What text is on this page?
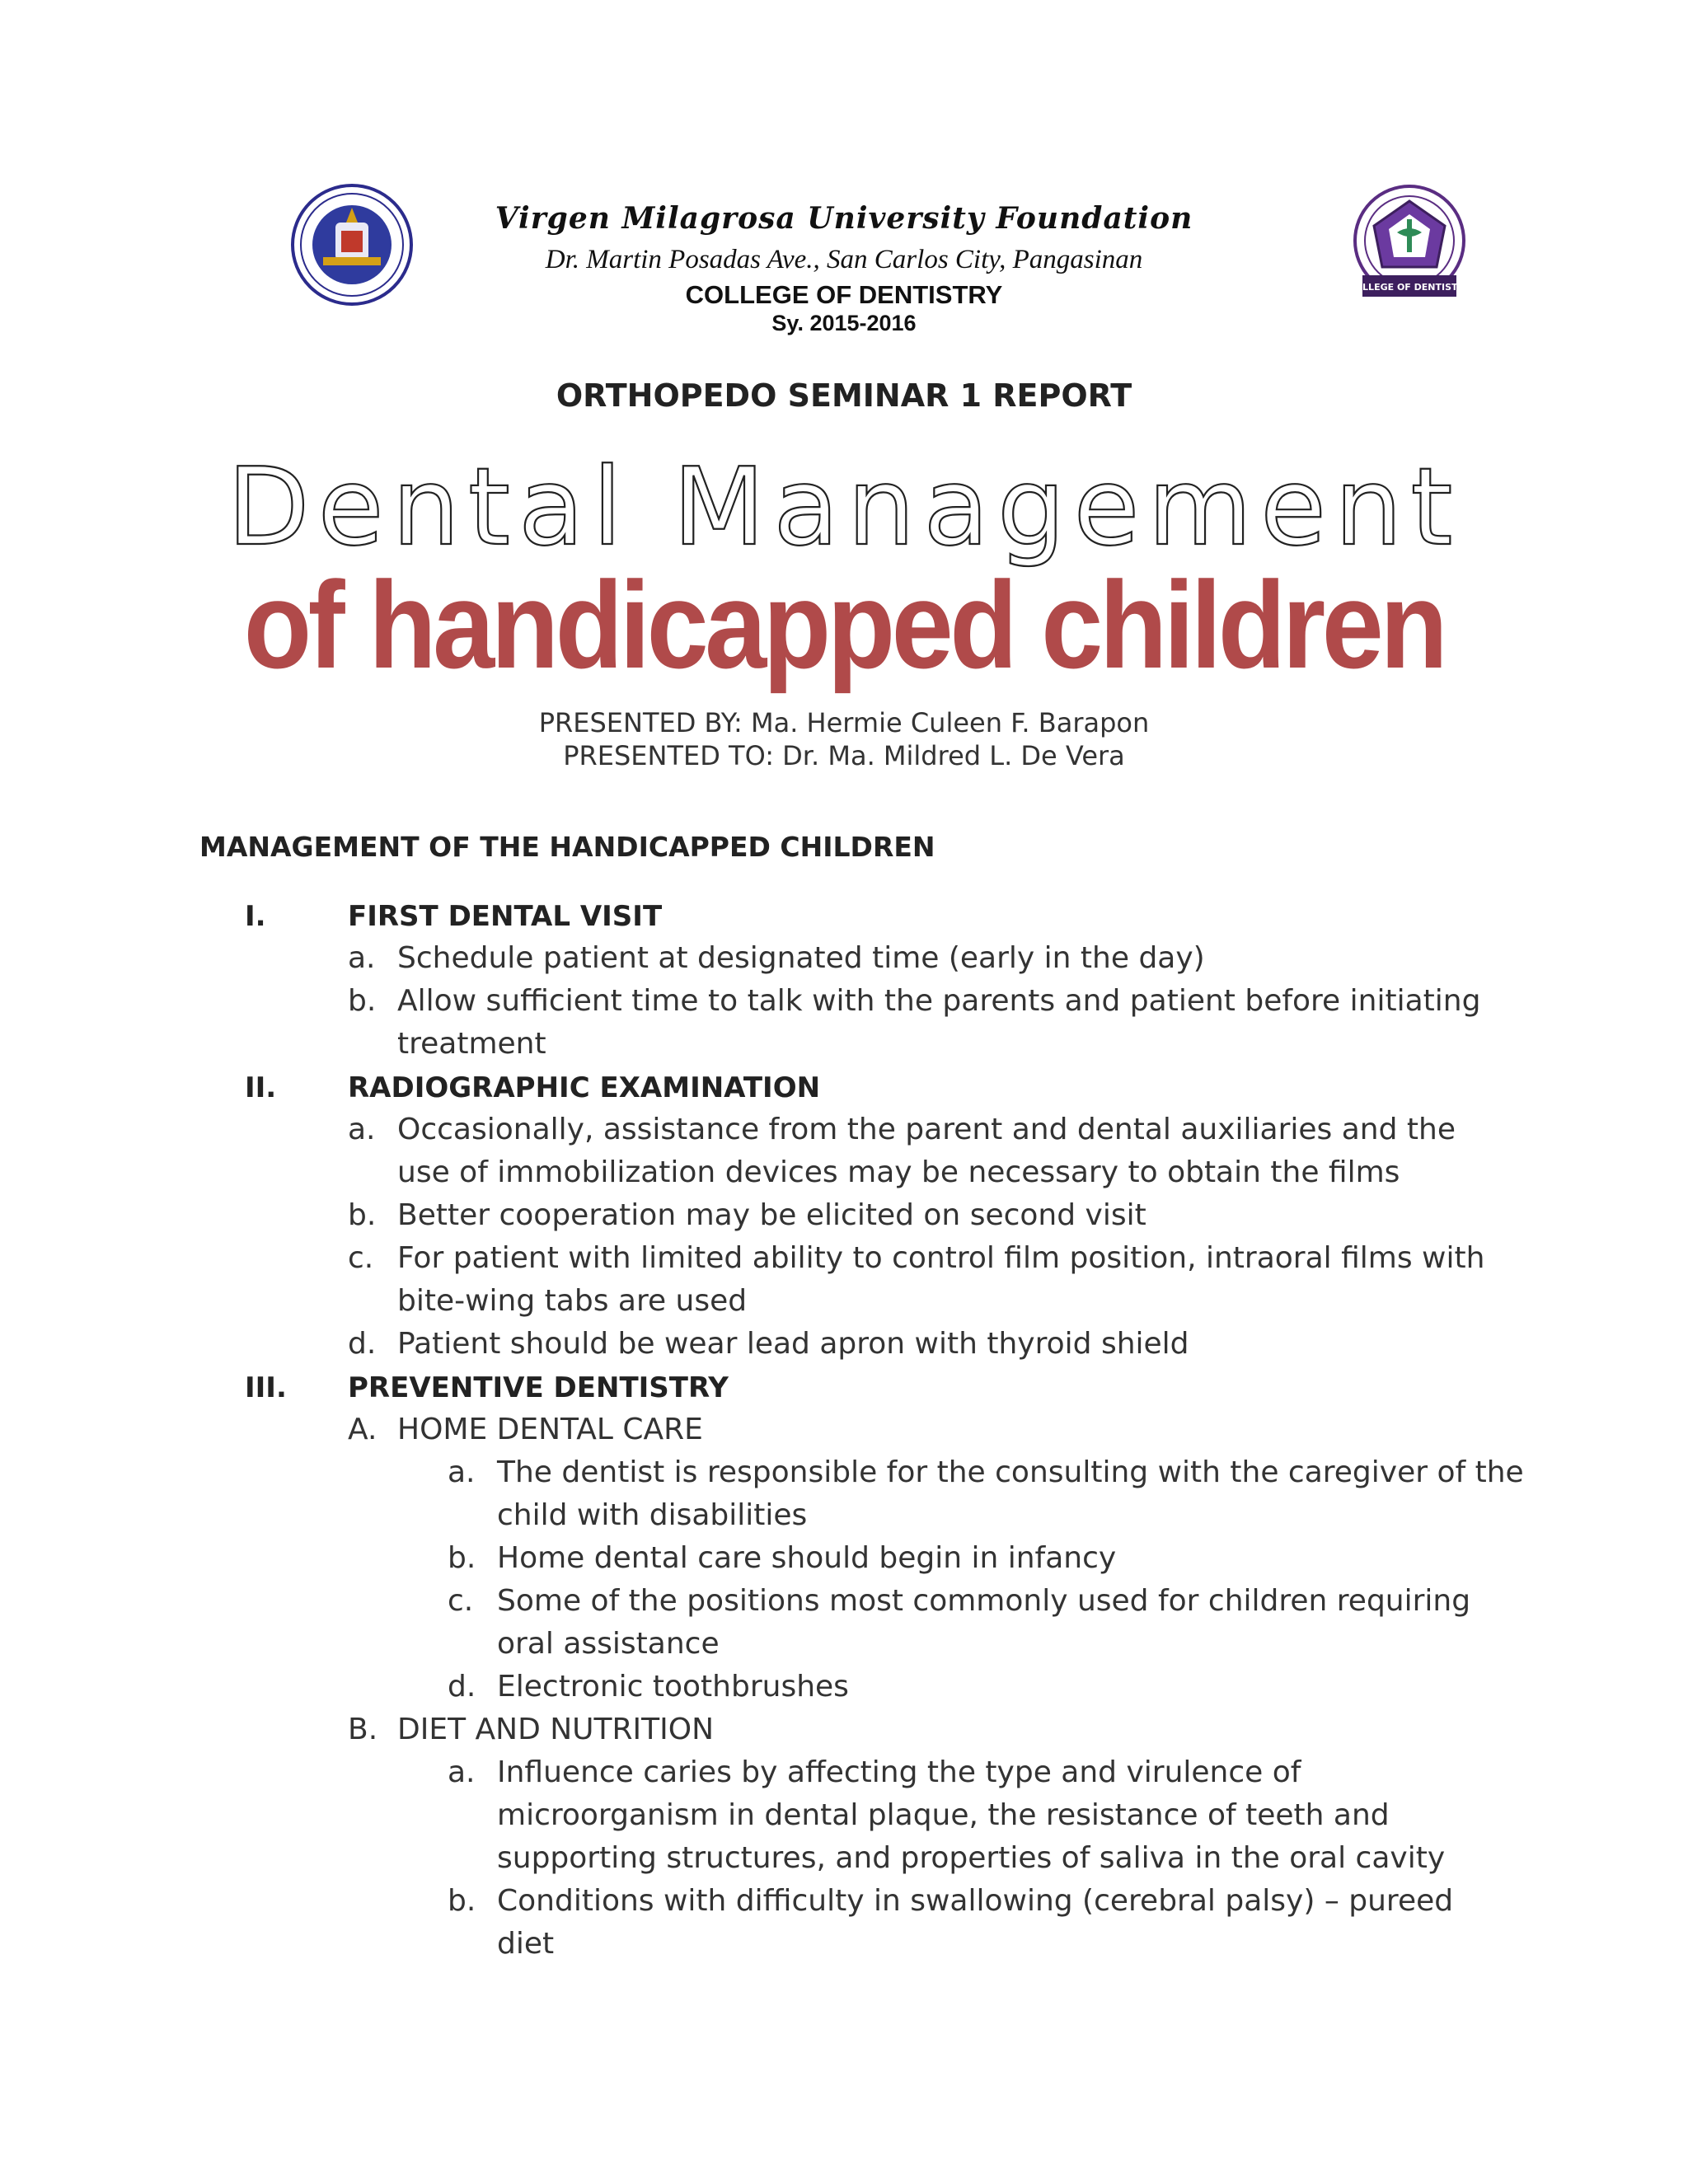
COLLEGE OF DENTISTRY
Virgen Milagrosa University Foundation
Dr. Martin Posadas Ave., San Carlos City, Pangasinan
COLLEGE OF DENTISTRY
Sy. 2015-2016
ORTHOPEDO SEMINAR 1 REPORT
Dental Management
of handicapped children
PRESENTED BY: Ma. Hermie Culeen F. Barapon
PRESENTED TO: Dr. Ma. Mildred L. De Vera
MANAGEMENT OF THE HANDICAPPED CHILDREN
I.	FIRST DENTAL VISIT
a. Schedule patient at designated time (early in the day)
b. Allow sufficient time to talk with the parents and patient before initiating
treatment
II.	RADIOGRAPHIC EXAMINATION
a. Occasionally, assistance from the parent and dental auxiliaries and the
use of immobilization devices may be necessary to obtain the films
b. Better cooperation may be elicited on second visit
c. For patient with limited ability to control film position, intraoral films with
bite-wing tabs are used
d. Patient should be wear lead apron with thyroid shield
III. PREVENTIVE DENTISTRY
A. HOME DENTAL CARE
a. The dentist is responsible for the consulting with the caregiver of the
child with disabilities
b. Home dental care should begin in infancy
c. Some of the positions most commonly used for children requiring
oral assistance
d. Electronic toothbrushes
B. DIET AND NUTRITION
a. Influence caries by affecting the type and virulence of
microorganism in dental plaque, the resistance of teeth and
supporting structures, and properties of saliva in the oral cavity
b. Conditions with difficulty in swallowing (cerebral palsy) – pureed
diet
